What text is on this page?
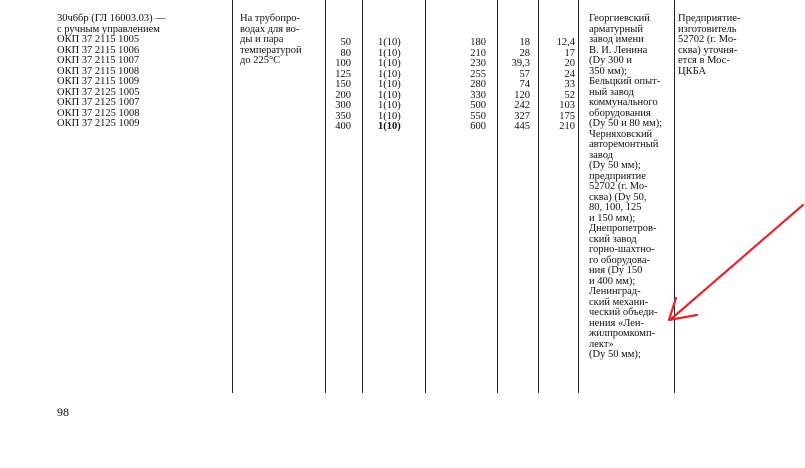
30ч6бр (ГЛ 16003.03) —
с ручным управлением
ОКП 37 2115 1005
ОКП 37 2115 1006
ОКП 37 2115 1007
ОКП 37 2115 1008
ОКП 37 2115 1009
ОКП 37 2125 1005
ОКП 37 2125 1007
ОКП 37 2125 1008
ОКП 37 2125 1009
На трубопро-
водах для во-
ды и пара
температурой
до 225°С
50
80
100
125
150
200
300
350
400
1(10)
1(10)
1(10)
1(10)
1(10)
1(10)
1(10)
1(10)
1(10)
180
210
230
255
280
330
500
550
600
18
28
39,3
57
74
120
242
327
445
12,4
17
20
24
33
52
103
175
210
Георгиевский
арматурный
завод имени
В. И. Ленина
(Dу 300 и
350 мм);
Бельцкий опыт-
ный завод
коммунального
оборудования
(Dу 50 и 80 мм);
Черняховский
авторемонтный
завод
(Dу 50 мм);
предприятие
52702 (г. Мо-
сква) (Dу 50,
80, 100, 125
и 150 мм);
Днепропетров-
ский завод
горно-шахтно-
го оборудова-
ния (Dу 150
и 400 мм);
Ленинград-
ский механи-
ческий объеди-
нения «Лен-
жилпромкомп-
лект»
(Dу 50 мм);
Предприятие-
изготовитель
52702 (г. Мо-
сква) уточня-
ется в Мос-
ЦКБА
98
